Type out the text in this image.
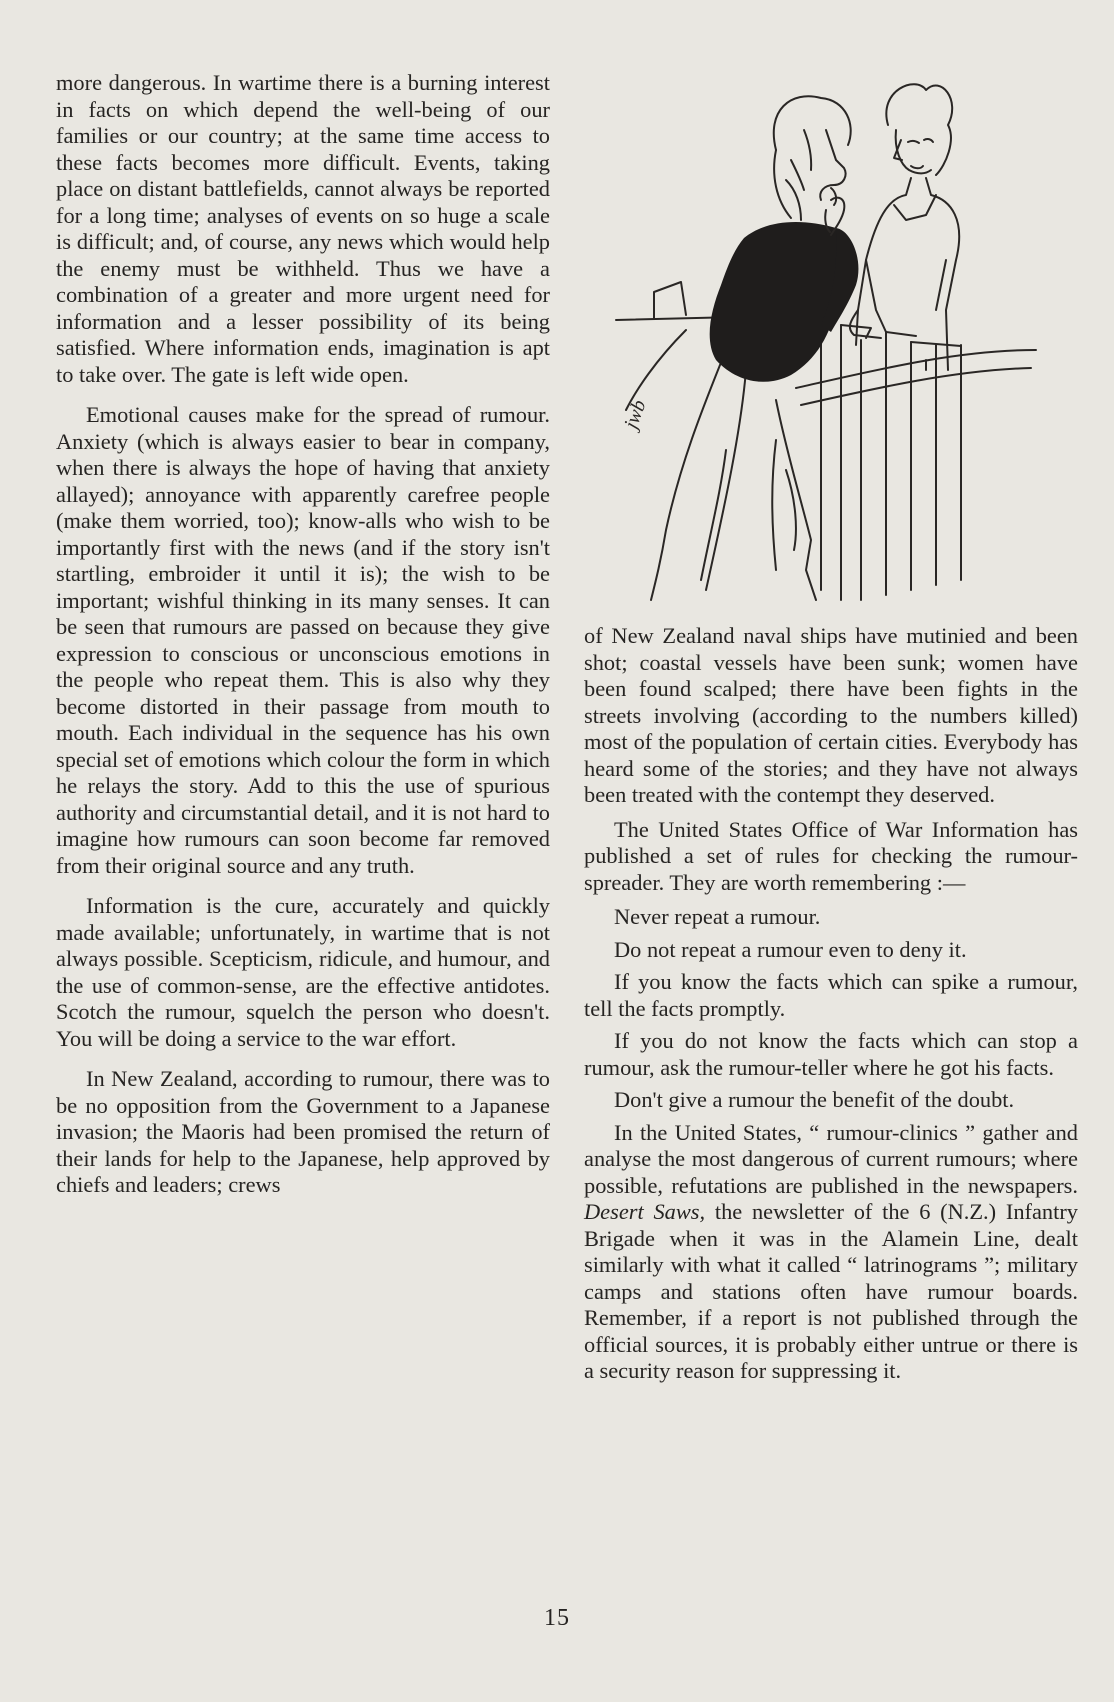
more dangerous. In wartime there is a burning interest in facts on which depend the well-being of our families or our country; at the same time access to these facts becomes more difficult. Events, taking place on distant battlefields, cannot always be reported for a long time; analyses of events on so huge a scale is difficult; and, of course, any news which would help the enemy must be withheld. Thus we have a combination of a greater and more urgent need for information and a lesser possibility of its being satisfied. Where information ends, imagination is apt to take over. The gate is left wide open.

Emotional causes make for the spread of rumour. Anxiety (which is always easier to bear in company, when there is always the hope of having that anxiety allayed); annoyance with apparently carefree people (make them worried, too); know-alls who wish to be importantly first with the news (and if the story isn't startling, embroider it until it is); the wish to be important; wishful thinking in its many senses. It can be seen that rumours are passed on because they give expression to conscious or unconscious emotions in the people who repeat them. This is also why they become distorted in their passage from mouth to mouth. Each individual in the sequence has his own special set of emotions which colour the form in which he relays the story. Add to this the use of spurious authority and circumstantial detail, and it is not hard to imagine how rumours can soon become far removed from their original source and any truth.

Information is the cure, accurately and quickly made available; unfortunately, in wartime that is not always possible. Scepticism, ridicule, and humour, and the use of common-sense, are the effective antidotes. Scotch the rumour, squelch the person who doesn't. You will be doing a service to the war effort.

In New Zealand, according to rumour, there was to be no opposition from the Government to a Japanese invasion; the Maoris had been promised the return of their lands for help to the Japanese, help approved by chiefs and leaders; crews

jwb

of New Zealand naval ships have mutinied and been shot; coastal vessels have been sunk; women have been found scalped; there have been fights in the streets involving (according to the numbers killed) most of the population of certain cities. Everybody has heard some of the stories; and they have not always been treated with the contempt they deserved.

The United States Office of War Information has published a set of rules for checking the rumour-spreader. They are worth remembering :—

Never repeat a rumour.

Do not repeat a rumour even to deny it.

If you know the facts which can spike a rumour, tell the facts promptly.

If you do not know the facts which can stop a rumour, ask the rumour-teller where he got his facts.

Don't give a rumour the benefit of the doubt.

In the United States, “ rumour-clinics ” gather and analyse the most dangerous of current rumours; where possible, refutations are published in the newspapers. Desert Saws, the newsletter of the 6 (N.Z.) Infantry Brigade when it was in the Alamein Line, dealt similarly with what it called “ latrinograms ”; military camps and stations often have rumour boards. Remember, if a report is not published through the official sources, it is probably either untrue or there is a security reason for suppressing it.

15
